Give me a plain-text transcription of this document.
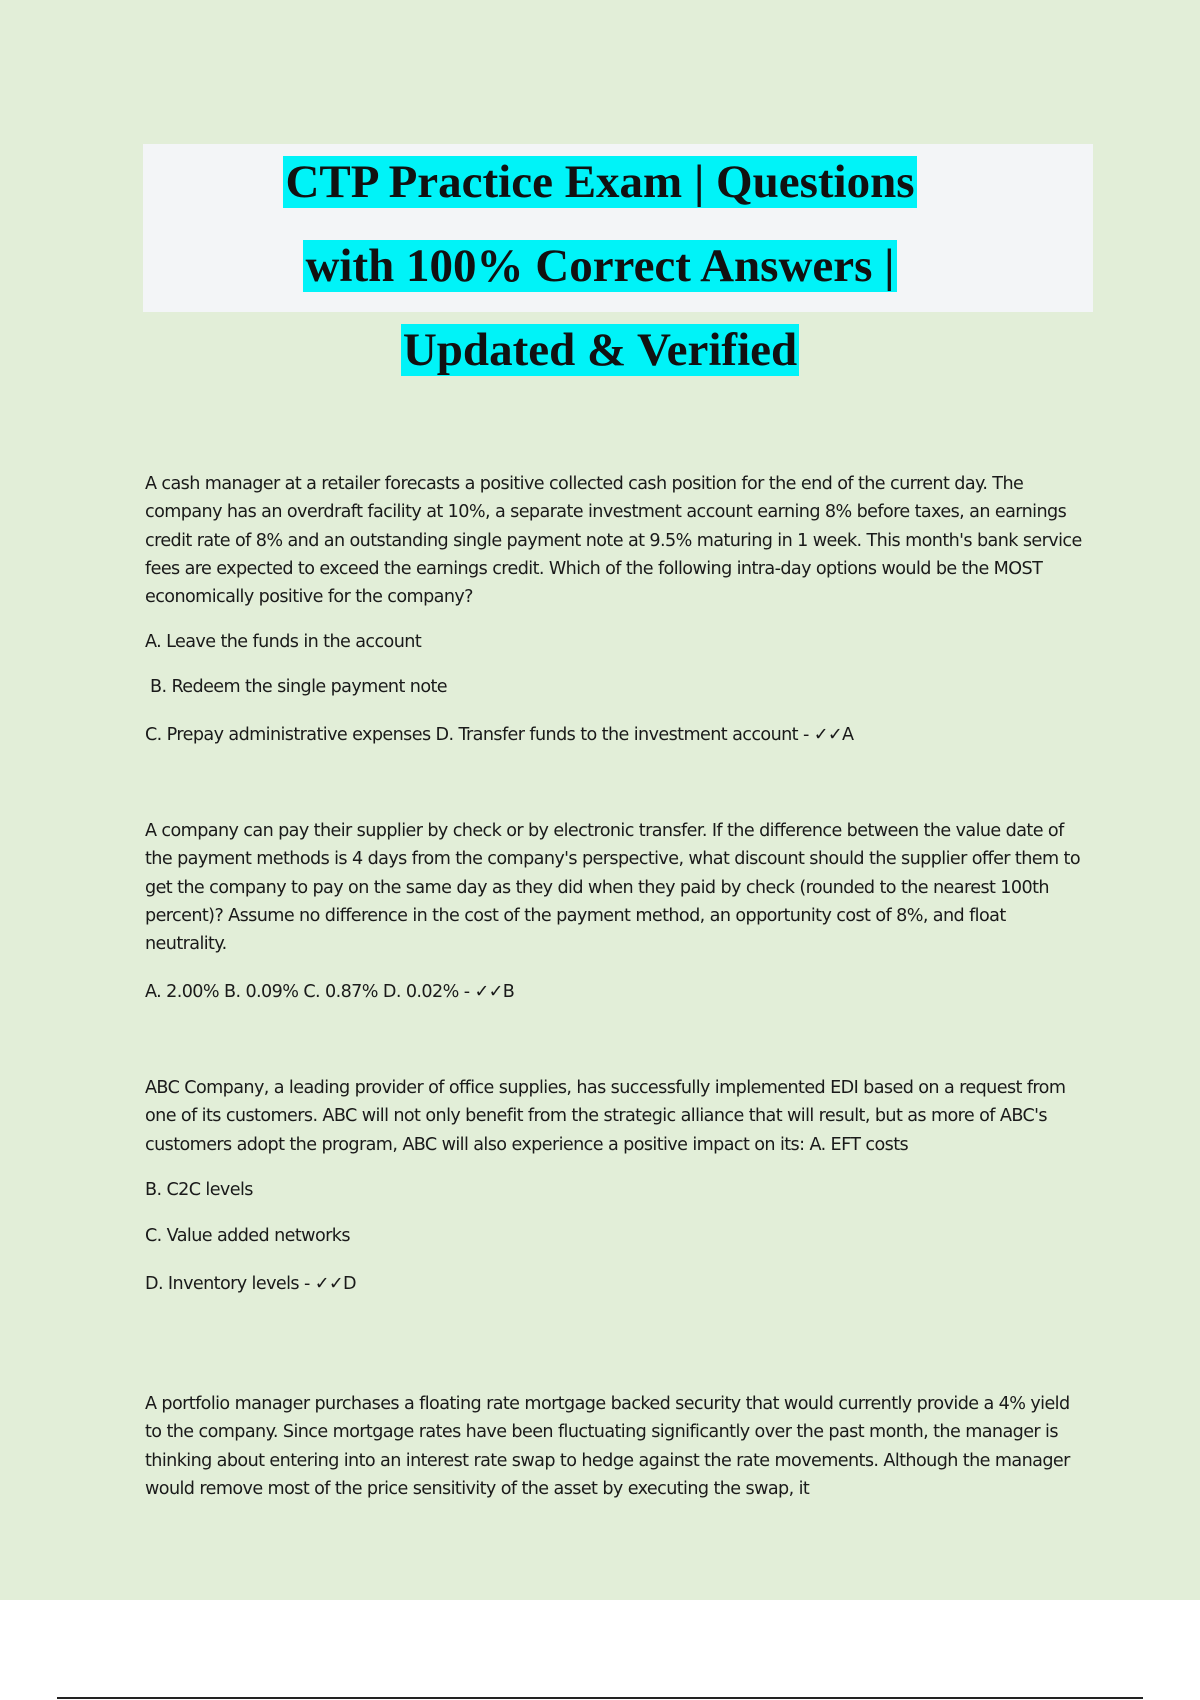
CTP Practice Exam | Questions
with 100% Correct Answers |
Updated & Verified

A cash manager at a retailer forecasts a positive collected cash position for the end of the current day. The company has an overdraft facility at 10%, a separate investment account earning 8% before taxes, an earnings credit rate of 8% and an outstanding single payment note at 9.5% maturing in 1 week. This month's bank service fees are expected to exceed the earnings credit. Which of the following intra-day options would be the MOST economically positive for the company?

A. Leave the funds in the account

B. Redeem the single payment note

C. Prepay administrative expenses D. Transfer funds to the investment account - ✓✓A

A company can pay their supplier by check or by electronic transfer. If the difference between the value date of the payment methods is 4 days from the company's perspective, what discount should the supplier offer them to get the company to pay on the same day as they did when they paid by check (rounded to the nearest 100th percent)? Assume no difference in the cost of the payment method, an opportunity cost of 8%, and float neutrality.

A. 2.00% B. 0.09% C. 0.87% D. 0.02% - ✓✓B

ABC Company, a leading provider of office supplies, has successfully implemented EDI based on a request from one of its customers. ABC will not only benefit from the strategic alliance that will result, but as more of ABC's customers adopt the program, ABC will also experience a positive impact on its: A. EFT costs

B. C2C levels

C. Value added networks

D. Inventory levels - ✓✓D

A portfolio manager purchases a floating rate mortgage backed security that would currently provide a 4% yield to the company. Since mortgage rates have been fluctuating significantly over the past month, the manager is thinking about entering into an interest rate swap to hedge against the rate movements. Although the manager would remove most of the price sensitivity of the asset by executing the swap, it
